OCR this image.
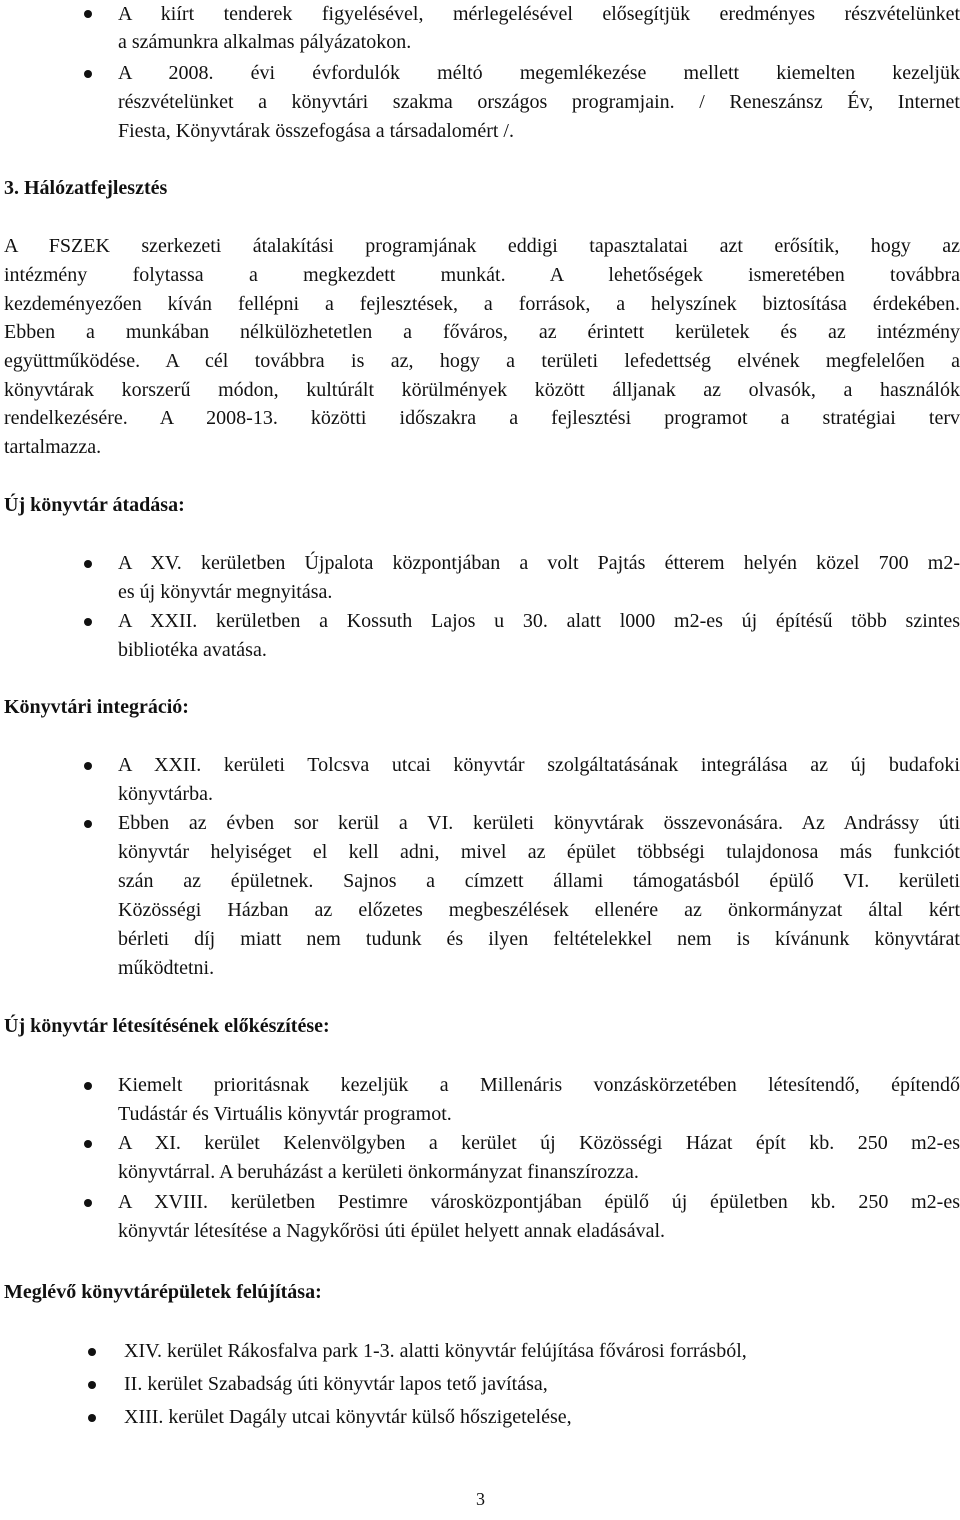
A kiírt tenderek figyelésével, mérlegelésével elősegítjük eredményes részvételünket
a számunkra alkalmas pályázatokon.
A 2008. évi évfordulók méltó megemlékezése mellett kiemelten kezeljük
részvételünket a könyvtári szakma országos programjain. / Reneszánsz Év, Internet
Fiesta, Könyvtárak összefogása a társadalomért /.
3. Hálózatfejlesztés
A FSZEK szerkezeti átalakítási programjának eddigi tapasztalatai azt erősítik, hogy az
intézmény folytassa a megkezdett munkát. A lehetőségek ismeretében továbbra
kezdeményezően kíván fellépni a fejlesztések, a források, a helyszínek biztosítása érdekében.
Ebben a munkában nélkülözhetetlen a főváros, az érintett kerületek és az intézmény
együttműködése. A cél továbbra is az, hogy a területi lefedettség elvének megfelelően a
könyvtárak korszerű módon, kultúrált körülmények között álljanak az olvasók, a használók
rendelkezésére. A 2008-13. közötti időszakra a fejlesztési programot a stratégiai terv
tartalmazza.
Új könyvtár átadása:
A XV. kerületben Újpalota központjában a volt Pajtás étterem helyén közel 700 m2-
es új könyvtár megnyitása.
A XXII. kerületben a Kossuth Lajos u 30. alatt l000 m2-es új építésű több szintes
bibliotéka avatása.
Könyvtári integráció:
A XXII. kerületi Tolcsva utcai könyvtár szolgáltatásának integrálása az új budafoki
könyvtárba.
Ebben az évben sor kerül a VI. kerületi könyvtárak összevonására. Az Andrássy úti
könyvtár helyiséget el kell adni, mivel az épület többségi tulajdonosa más funkciót
szán az épületnek. Sajnos a címzett állami támogatásból épülő VI. kerületi
Közösségi Házban az előzetes megbeszélések ellenére az önkormányzat által kért
bérleti díj miatt nem tudunk és ilyen feltételekkel nem is kívánunk könyvtárat
működtetni.
Új könyvtár létesítésének előkészítése:
Kiemelt prioritásnak kezeljük a Millenáris vonzáskörzetében létesítendő, építendő
Tudástár és Virtuális könyvtár programot.
A XI. kerület Kelenvölgyben a kerület új Közösségi Házat épít kb. 250 m2-es
könyvtárral. A beruházást a kerületi önkormányzat finanszírozza.
A XVIII. kerületben Pestimre városközpontjában épülő új épületben kb. 250 m2-es
könyvtár létesítése a Nagykőrösi úti épület helyett annak eladásával.
Meglévő könyvtárépületek felújítása:
XIV. kerület Rákosfalva park 1-3. alatti könyvtár felújítása fővárosi forrásból,
II. kerület Szabadság úti könyvtár lapos tető javítása,
XIII. kerület Dagály utcai könyvtár külső hőszigetelése,
3
